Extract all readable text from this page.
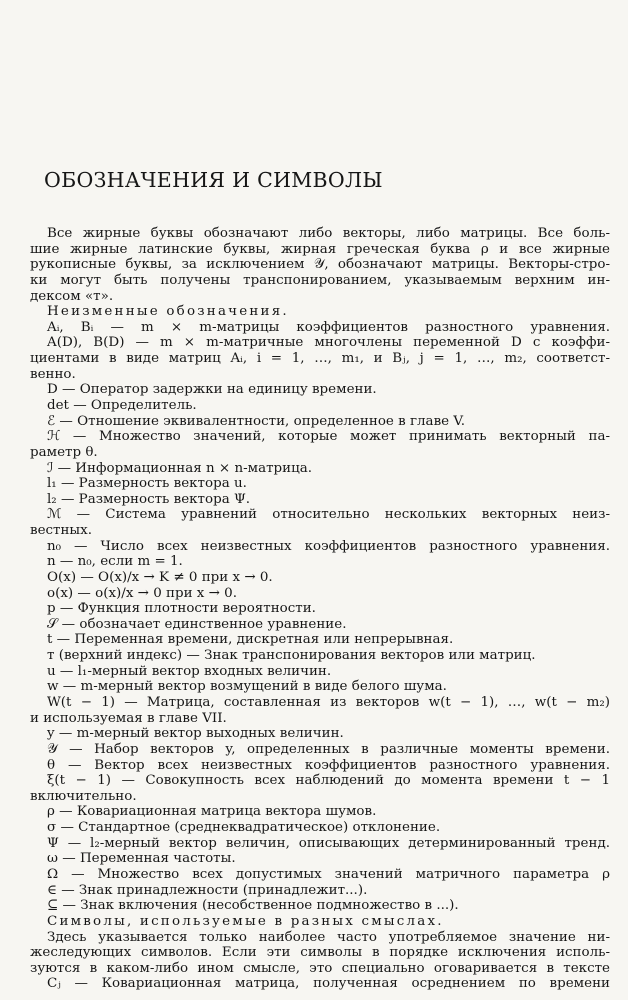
ОБОЗНАЧЕНИЯ И СИМВОЛЫ
Все жирные буквы обозначают либо векторы, либо матрицы. Все боль-
шие жирные латинские буквы, жирная греческая буква ρ и все жирные
рукописные буквы, за исключением 𝒴, обозначают матрицы. Векторы-стро-
ки могут быть получены транспонированием, указываемым верхним ин-
дексом «т».
Неизменные обозначения.
Aᵢ, Bᵢ — m × m-матрицы коэффициентов разностного уравнения.
A(D), B(D) — m × m-матричные многочлены переменной D с коэффи-
циентами в виде матриц Aᵢ, i = 1, …, m₁, и Bⱼ, j = 1, …, m₂, соответст-
венно.
D — Оператор задержки на единицу времени.
det — Определитель.
ℰ — Отношение эквивалентности, определенное в главе V.
ℋ — Множество значений, которые может принимать векторный па-
раметр θ.
ℐ — Информационная n × n-матрица.
l₁ — Размерность вектора u.
l₂ — Размерность вектора Ψ.
ℳ — Система уравнений относительно нескольких векторных неиз-
вестных.
n₀ — Число всех неизвестных коэффициентов разностного уравнения.
n — n₀, если m = 1.
O(x) — O(x)/x → K ≠ 0 при x → 0.
o(x) — o(x)/x → 0 при x → 0.
p — Функция плотности вероятности.
𝒮 — обозначает единственное уравнение.
t — Переменная времени, дискретная или непрерывная.
т (верхний индекс) — Знак транспонирования векторов или матриц.
u — l₁-мерный вектор входных величин.
w — m-мерный вектор возмущений в виде белого шума.
W(t − 1) — Матрица, составленная из векторов w(t − 1), …, w(t − m₂)
и используемая в главе VII.
y — m-мерный вектор выходных величин.
𝒴 — Набор векторов y, определенных в различные моменты времени.
θ — Вектор всех неизвестных коэффициентов разностного уравнения.
ξ(t − 1) — Совокупность всех наблюдений до момента времени t − 1
включительно.
ρ — Ковариационная матрица вектора шумов.
σ — Стандартное (среднеквадратическое) отклонение.
Ψ — l₂-мерный вектор величин, описывающих детерминированный тренд.
ω — Переменная частоты.
Ω — Множество всех допустимых значений матричного параметра ρ
∈ — Знак принадлежности (принадлежит...).
⊆ — Знак включения (несобственное подмножество в ...).
Символы, используемые в разных смыслах.
Здесь указывается только наиболее часто употребляемое значение ни-
жеследующих символов. Если эти символы в порядке исключения исполь-
зуются в каком-либо ином смысле, это специально оговаривается в тексте
Cⱼ — Ковариационная матрица, полученная осреднением по времени
